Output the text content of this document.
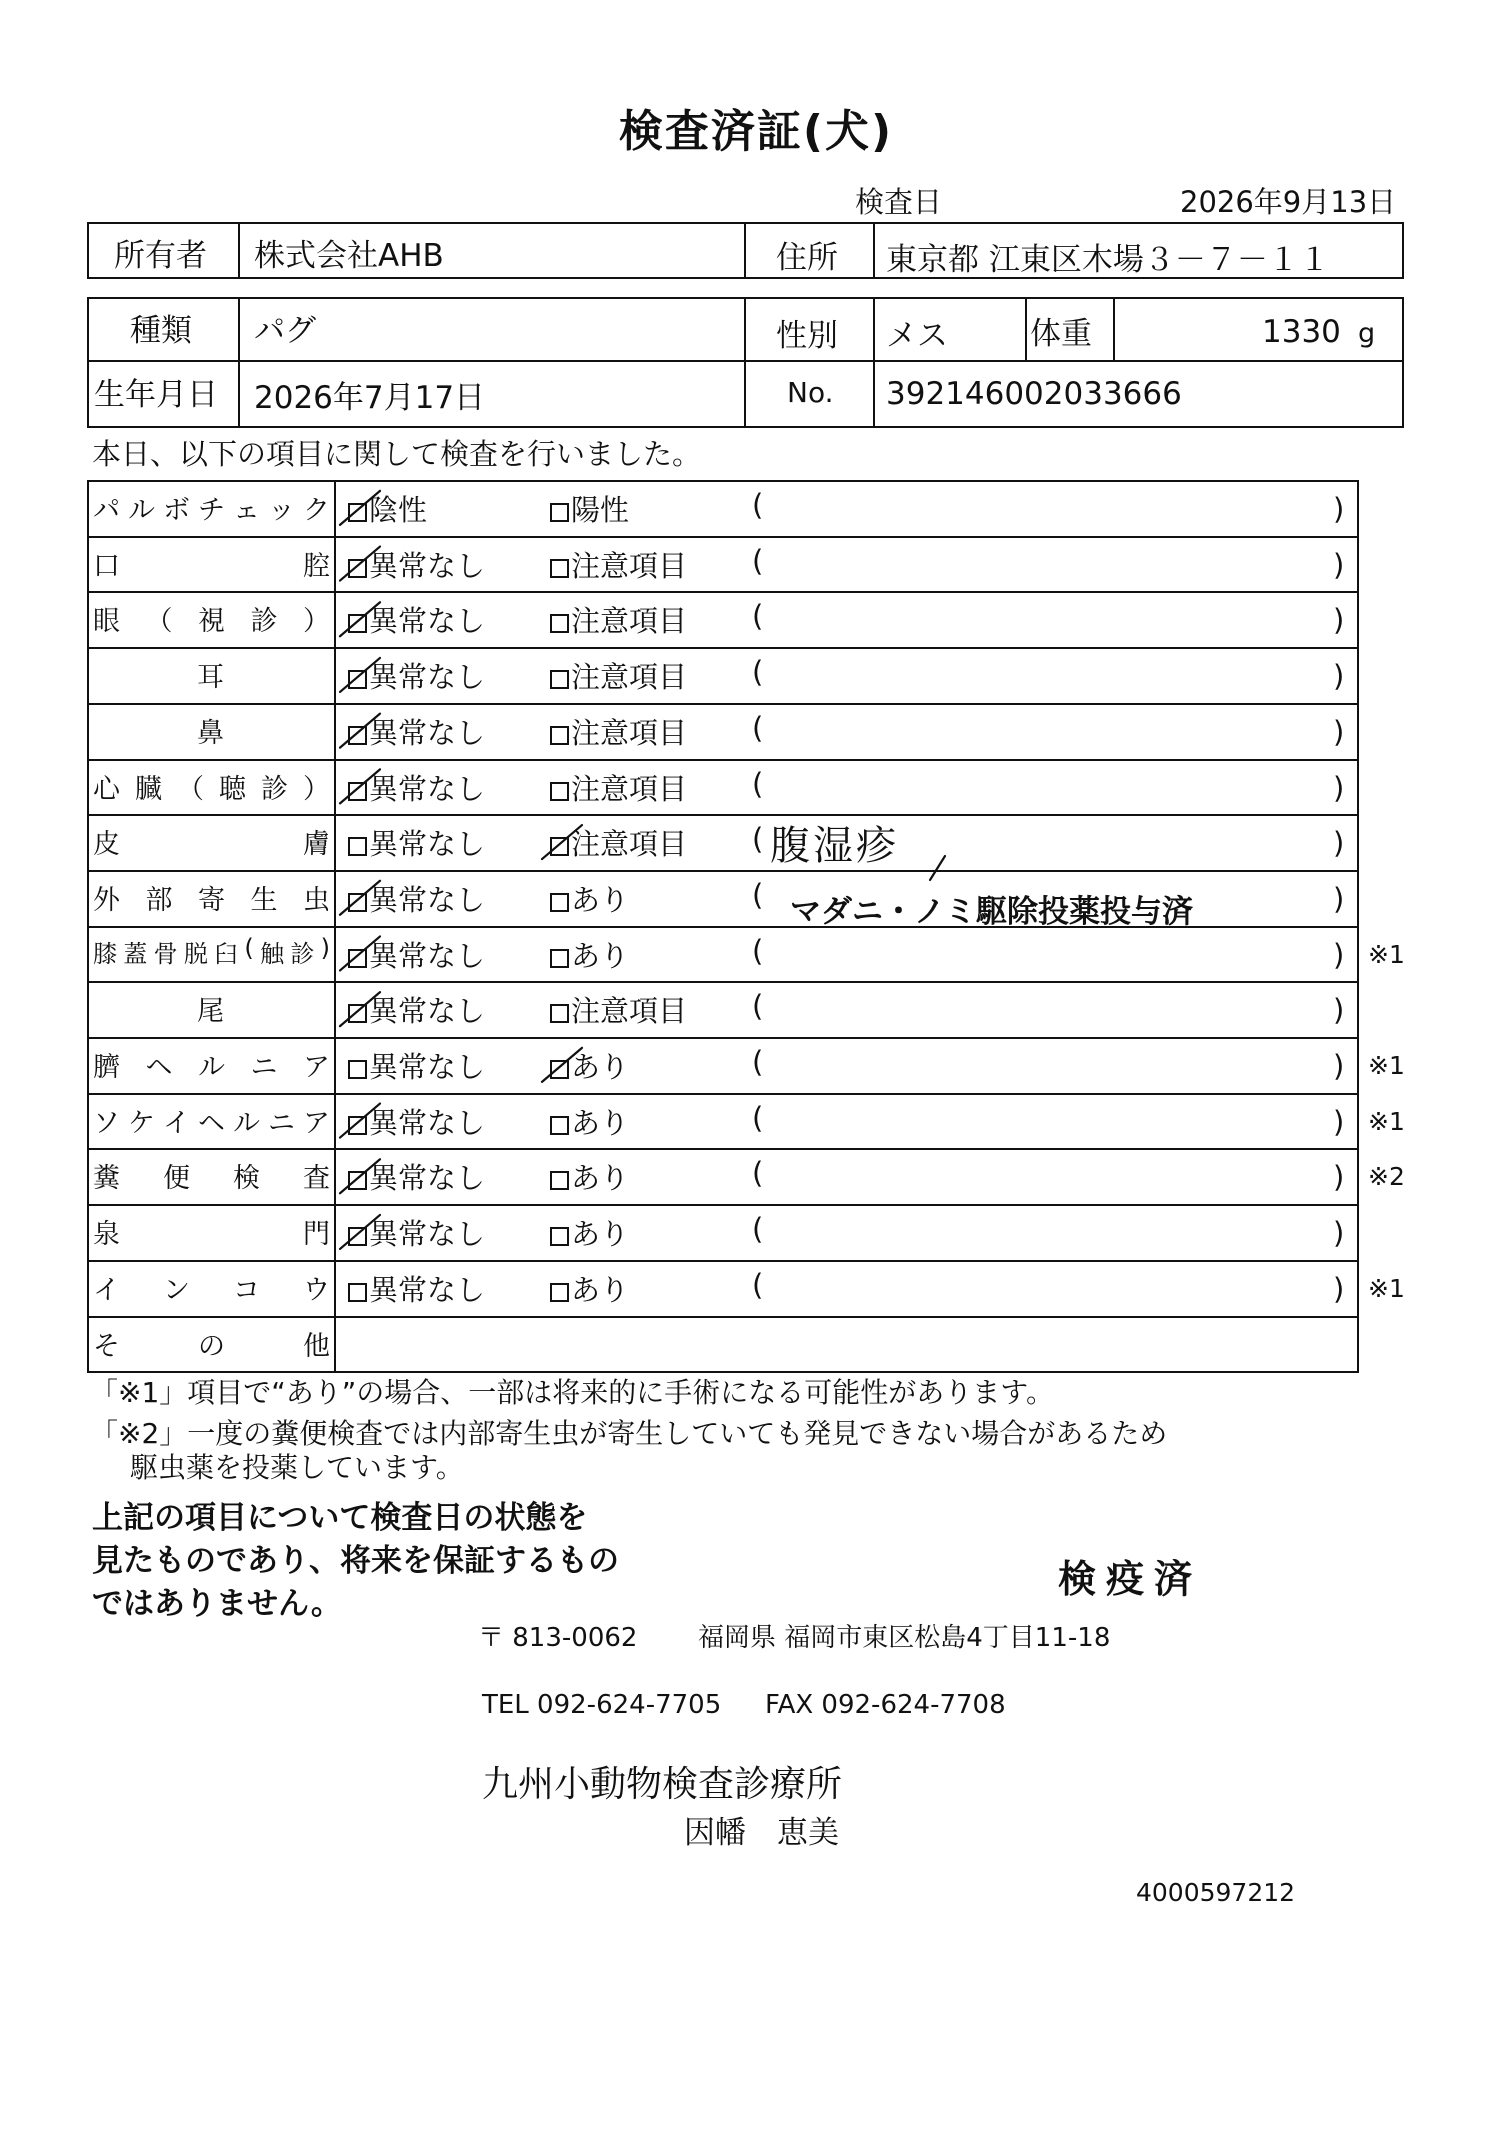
検査済証(犬)
検査日	2026年9月13日
所有者 株式会社AHB	住所 東京都 江東区木場３－７－１１
種類 パグ	性別 メス	体重	1330 g
生年月日 2026年7月17日	No. 392146002033666
本日、以下の項目に関して検査を行いました。
パ ル ボ チ ェ ッ ク	陰性	陽性	(	)
口	腔	異常なし	注意項目 (	)
眼 （ 視 診 ）	異常なし	注意項目 (	)
耳	異常なし	注意項目 (	)
鼻	異常なし	注意項目 (	)
心 臓 （ 聴 診 ）	異常なし	注意項目 (	)
皮	膚	異常なし	注意項目 (	)
腹湿疹
外 部 寄 生 虫	異常なし	あり	(	)
マダニ・ノミ駆除投薬投与済
膝 蓋 骨 脱 臼 ( 触 診 )	異常なし	あり	(	) ※1
尾	異常なし	注意項目 (	)
臍 ヘ ル ニ ア	異常なし	あり	(	) ※1
ソ ケ イ ヘ ル ニ ア	異常なし	あり	(	) ※1
糞 便 検 査	異常なし	あり	(	) ※2
泉	門	異常なし	あり	(	)
イ ン コ ウ	異常なし	あり	(	) ※1
そ	の	他
「※1」項目で“あり”の場合、一部は将来的に手術になる可能性があります。
「※2」一度の糞便検査では内部寄生虫が寄生していても発見できない場合があるため
駆虫薬を投薬しています。
上記の項目について検査日の状態を
見たものであり、将来を保証するもの
ではありません。
検疫済
〒 813-0062 福岡県 福岡市東区松島4丁目11-18
TEL 092-624-7705 FAX 092-624-7708
九州小動物検査診療所
因幡　恵美
4000597212
